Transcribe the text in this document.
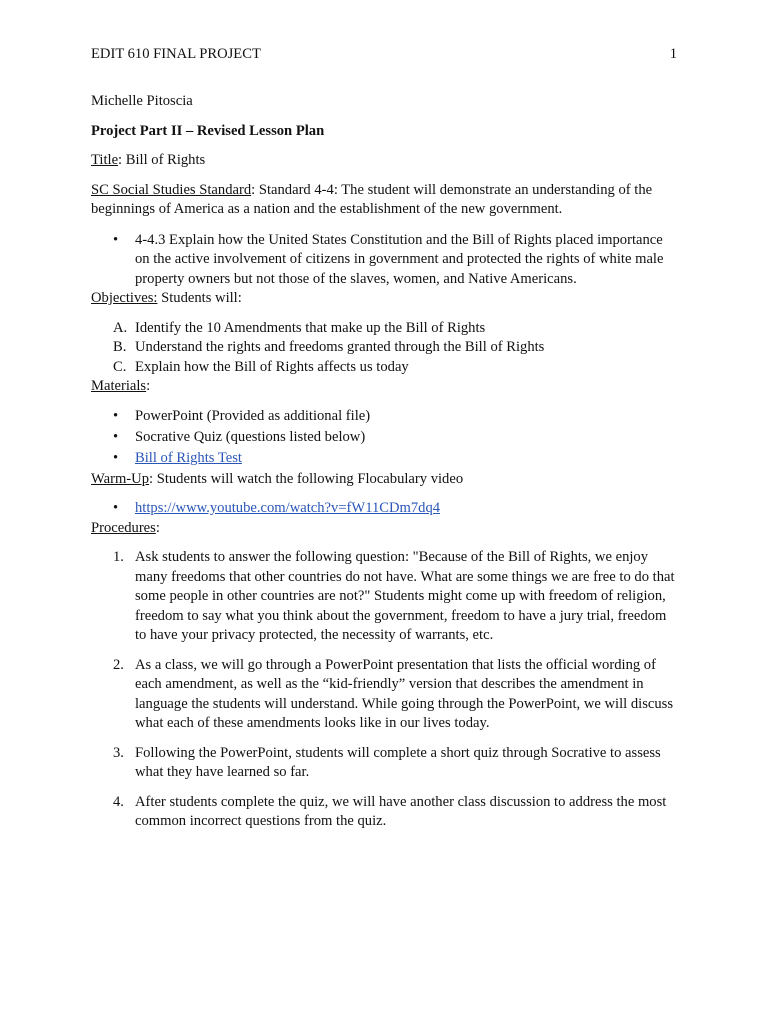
EDIT 610 FINAL PROJECT	1

Michelle Pitoscia

Project Part II – Revised Lesson Plan

Title: Bill of Rights

SC Social Studies Standard: Standard 4-4: The student will demonstrate an understanding of the beginnings of America as a nation and the establishment of the new government.

• 4-4.3 Explain how the United States Constitution and the Bill of Rights placed importance on the active involvement of citizens in government and protected the rights of white male property owners but not those of the slaves, women, and Native Americans.

Objectives: Students will:

A. Identify the 10 Amendments that make up the Bill of Rights
B. Understand the rights and freedoms granted through the Bill of Rights
C. Explain how the Bill of Rights affects us today

Materials:

• PowerPoint (Provided as additional file)
• Socrative Quiz (questions listed below)
• Bill of Rights Test

Warm-Up: Students will watch the following Flocabulary video

• https://www.youtube.com/watch?v=fW11CDm7dq4

Procedures:

1. Ask students to answer the following question: "Because of the Bill of Rights, we enjoy many freedoms that other countries do not have. What are some things we are free to do that some people in other countries are not?" Students might come up with freedom of religion, freedom to say what you think about the government, freedom to have a jury trial, freedom to have your privacy protected, the necessity of warrants, etc.
2. As a class, we will go through a PowerPoint presentation that lists the official wording of each amendment, as well as the “kid-friendly” version that describes the amendment in language the students will understand. While going through the PowerPoint, we will discuss what each of these amendments looks like in our lives today.
3. Following the PowerPoint, students will complete a short quiz through Socrative to assess what they have learned so far.
4. After students complete the quiz, we will have another class discussion to address the most common incorrect questions from the quiz.
